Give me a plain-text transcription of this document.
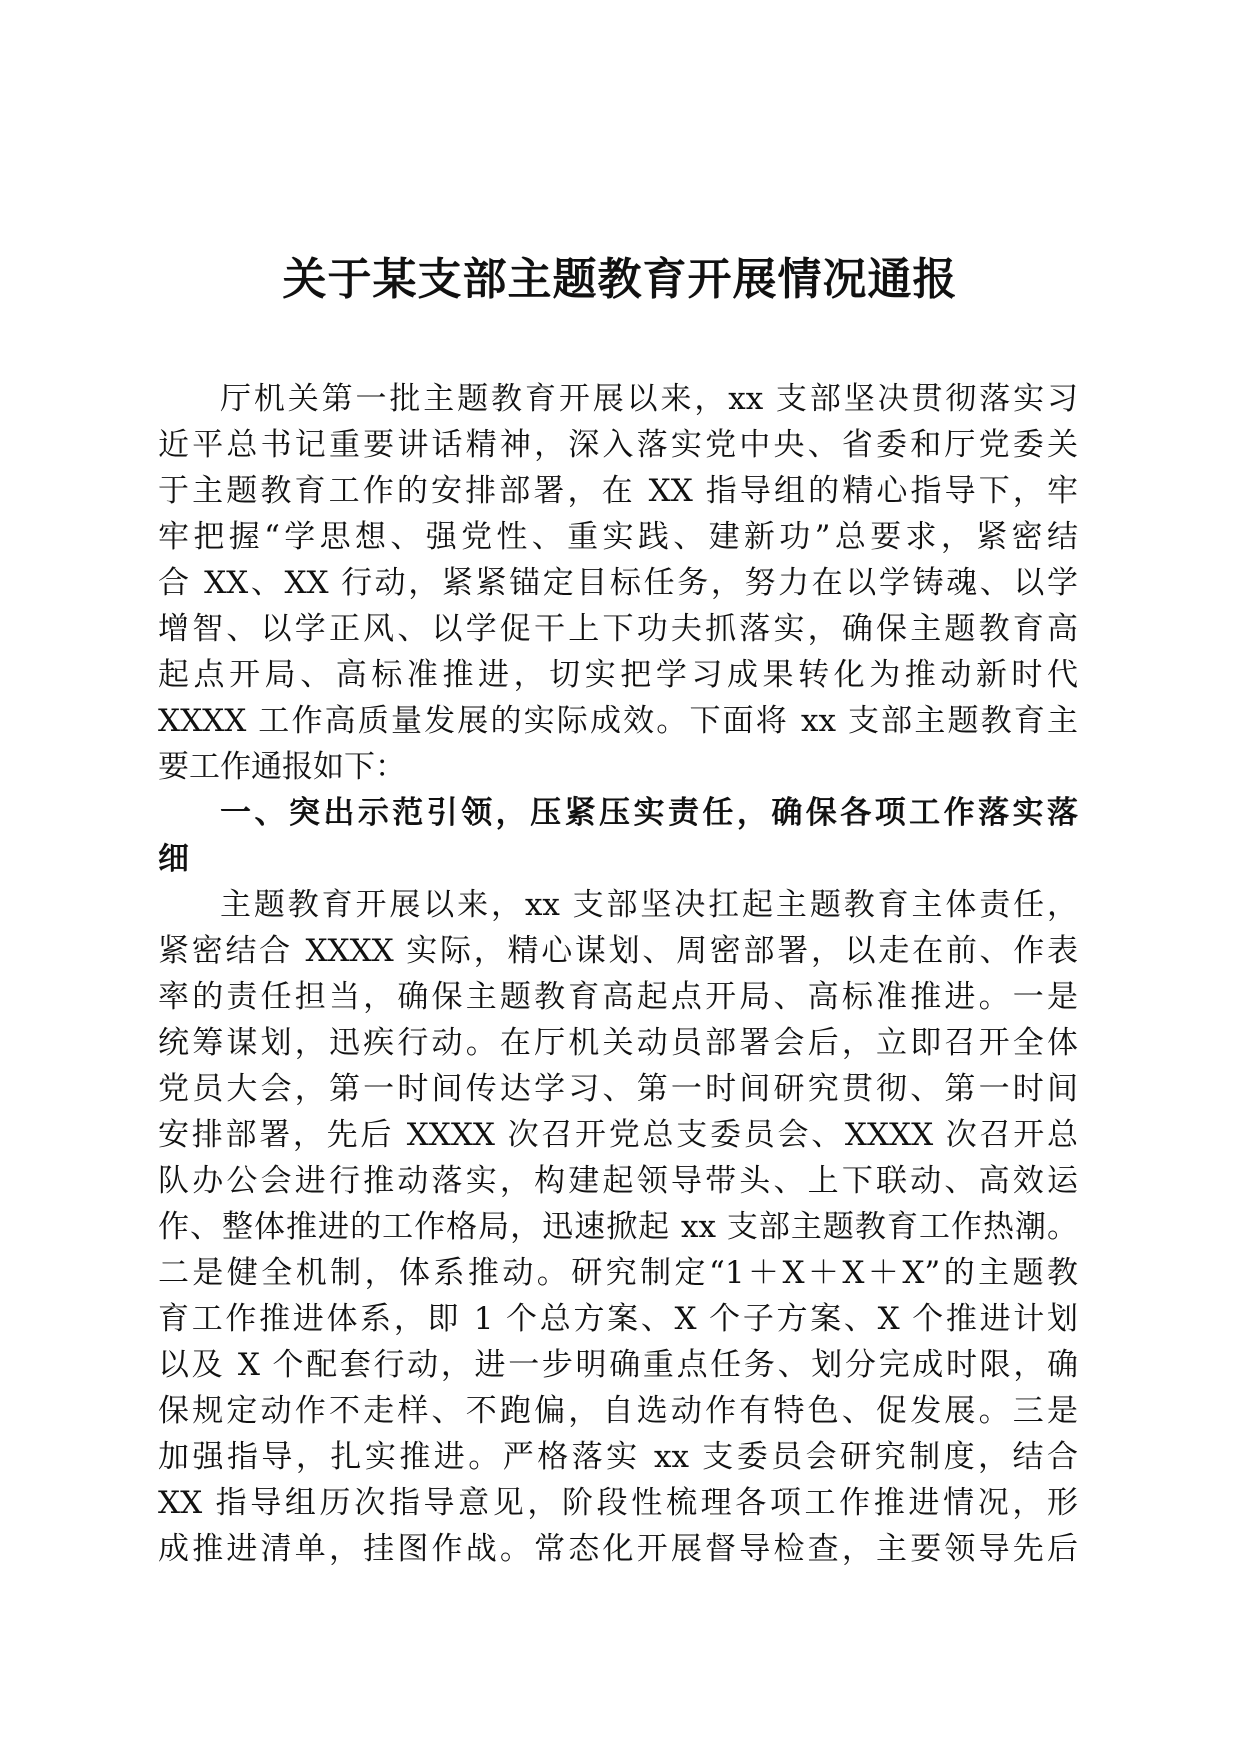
关于某支部主题教育开展情况通报
厅机关第一批主题教育开展以来，xx 支部坚决贯彻落实习
近平总书记重要讲话精神，深入落实党中央、省委和厅党委关
于主题教育工作的安排部署，在 XX 指导组的精心指导下，牢
牢把握“学思想、强党性、重实践、建新功”总要求，紧密结
合 XX、XX 行动，紧紧锚定目标任务，努力在以学铸魂、以学
增智、以学正风、以学促干上下功夫抓落实，确保主题教育高
起点开局、高标准推进，切实把学习成果转化为推动新时代
XXXX 工作高质量发展的实际成效。下面将 xx 支部主题教育主
要工作通报如下：
一、突出示范引领，压紧压实责任，确保各项工作落实落
细
主题教育开展以来，xx 支部坚决扛起主题教育主体责任，
紧密结合 XXXX 实际，精心谋划、周密部署，以走在前、作表
率的责任担当，确保主题教育高起点开局、高标准推进。一是
统筹谋划，迅疾行动。在厅机关动员部署会后，立即召开全体
党员大会，第一时间传达学习、第一时间研究贯彻、第一时间
安排部署，先后 XXXX 次召开党总支委员会、XXXX 次召开总
队办公会进行推动落实，构建起领导带头、上下联动、高效运
作、整体推进的工作格局，迅速掀起 xx 支部主题教育工作热潮。
二是健全机制，体系推动。研究制定“1＋X＋X＋X”的主题教
育工作推进体系，即 1 个总方案、X 个子方案、X 个推进计划
以及 X 个配套行动，进一步明确重点任务、划分完成时限，确
保规定动作不走样、不跑偏，自选动作有特色、促发展。三是
加强指导，扎实推进。严格落实 xx 支委员会研究制度，结合
XX 指导组历次指导意见，阶段性梳理各项工作推进情况，形
成推进清单，挂图作战。常态化开展督导检查，主要领导先后
